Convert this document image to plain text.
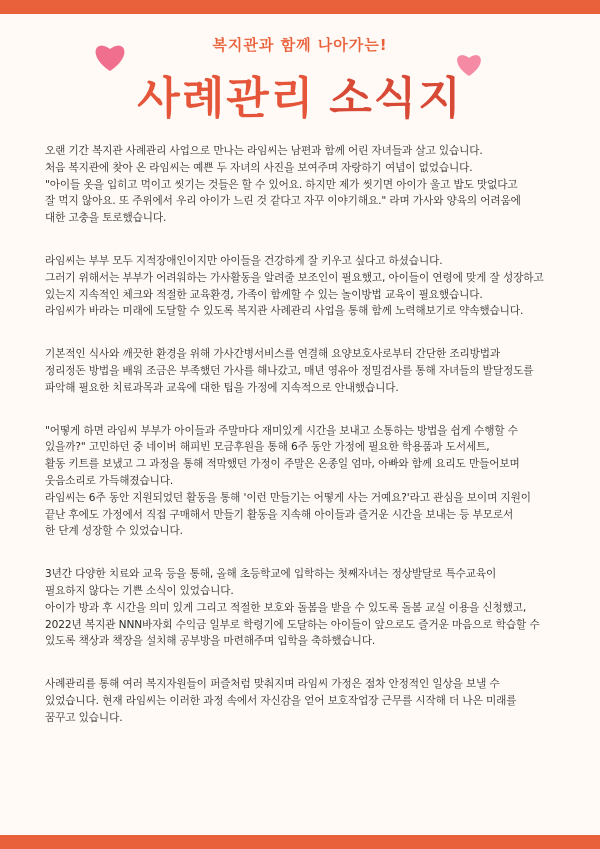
복지관과 함께 나아가는!
사례관리 소식지

오랜 기간 복지관 사례관리 사업으로 만나는 라임씨는 남편과 함께 어린 자녀들과 살고 있습니다.
처음 복지관에 찾아 온 라임씨는 예쁜 두 자녀의 사진을 보여주며 자랑하기 여념이 없었습니다.
"아이들 옷을 입히고 먹이고 씻기는 것들은 할 수 있어요. 하지만 제가 씻기면 아이가 울고 밥도 맛없다고
잘 먹지 않아요. 또 주위에서 우리 아이가 느린 것 같다고 자꾸 이야기해요." 라며 가사와 양육의 어려움에
대한 고충을 토로했습니다.

라임씨는 부부 모두 지적장애인이지만 아이들을 건강하게 잘 키우고 싶다고 하셨습니다.
그러기 위해서는 부부가 어려워하는 가사활동을 알려줄 보조인이 필요했고, 아이들이 연령에 맞게 잘 성장하고
있는지 지속적인 체크와 적절한 교육환경, 가족이 함께할 수 있는 놀이방법 교육이 필요했습니다.
라임씨가 바라는 미래에 도달할 수 있도록 복지관 사례관리 사업을 통해 함께 노력해보기로 약속했습니다.

기본적인 식사와 깨끗한 환경을 위해 가사간병서비스를 연결해 요양보호사로부터 간단한 조리방법과
정리정돈 방법을 배워 조금은 부족했던 가사를 해나갔고, 매년 영유아 정밀검사를 통해 자녀들의 발달정도를
파악해 필요한 치료과목과 교육에 대한 팁을 가정에 지속적으로 안내했습니다.

"어떻게 하면 라임씨 부부가 아이들과 주말마다 재미있게 시간을 보내고 소통하는 방법을 쉽게 수행할 수
있을까?" 고민하던 중 네이버 해피빈 모금후원을 통해 6주 동안 가정에 필요한 학용품과 도서세트,
활동 키트를 보냈고 그 과정을 통해 적막했던 가정이 주말은 온종일 엄마, 아빠와 함께 요리도 만들어보며
웃음소리로 가득해졌습니다.
라임씨는 6주 동안 지원되었던 활동을 통해 '이런 만들기는 어떻게 사는 거예요?'라고 관심을 보이며 지원이
끝난 후에도 가정에서 직접 구매해서 만들기 활동을 지속해 아이들과 즐거운 시간을 보내는 등 부모로서
한 단계 성장할 수 있었습니다.

3년간 다양한 치료와 교육 등을 통해, 올해 초등학교에 입학하는 첫째자녀는 정상발달로 특수교육이
필요하지 않다는 기쁜 소식이 있었습니다.
아이가 방과 후 시간을 의미 있게 그리고 적절한 보호와 돌봄을 받을 수 있도록 돌봄 교실 이용을 신청했고,
2022년 복지관 NNN바자회 수익금 일부로 학령기에 도달하는 아이들이 앞으로도 즐거운 마음으로 학습할 수
있도록 책상과 책장을 설치해 공부방을 마련해주며 입학을 축하했습니다.

사례관리를 통해 여러 복지자원들이 퍼즐처럼 맞춰지며 라임씨 가정은 점차 안정적인 일상을 보낼 수
있었습니다. 현재 라임씨는 이러한 과정 속에서 자신감을 얻어 보호작업장 근무를 시작해 더 나은 미래를
꿈꾸고 있습니다.
